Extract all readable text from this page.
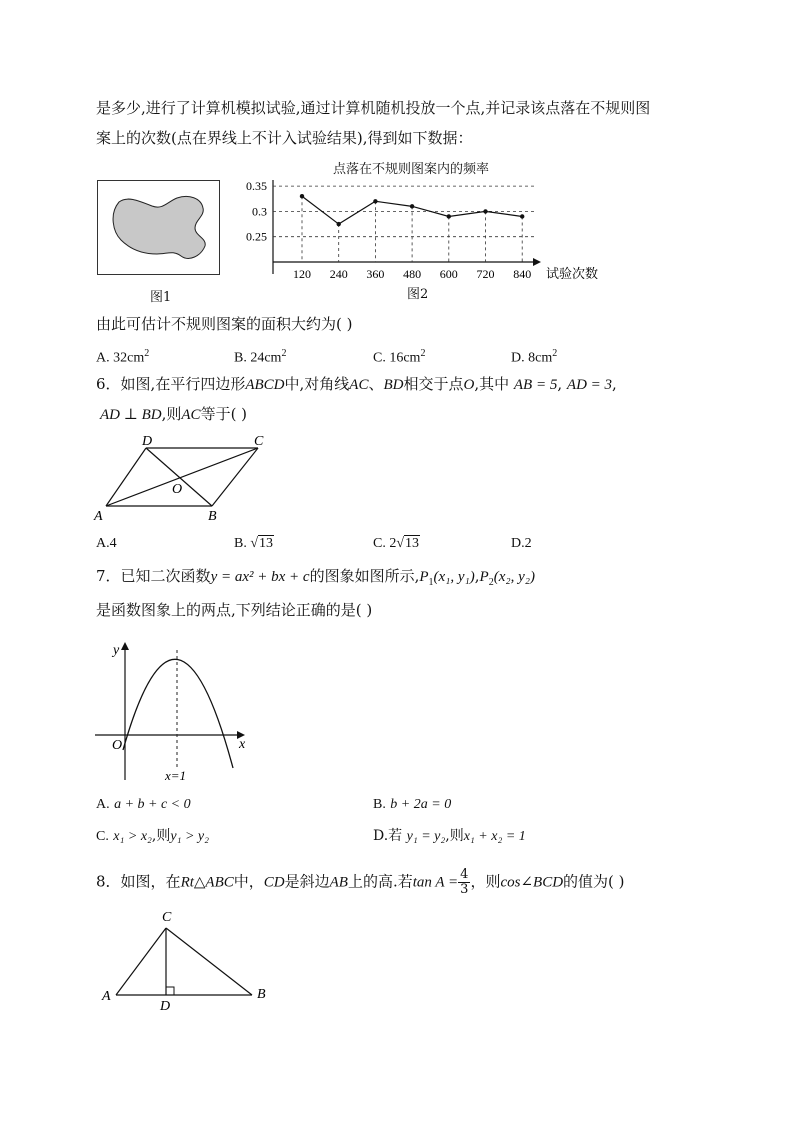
是多少,进行了计算机模拟试验,通过计算机随机投放一个点,并记录该点落在不规则图
案上的次数(点在界线上不计入试验结果),得到如下数据：
图1
点落在不规则图案内的频率
0.25
0.3
0.35
120 240 360 480 600 720 840 试验次数
图2
由此可估计不规则图案的面积大约为( )
A. $32cm^2$	B. $24cm^2$	C. $16cm^2$	D. $8cm^2$
6．如图,在平行四边形ABCD中,对角线AC、BD相交于点O,其中 AB = 5, AD = 3,
AD ⊥ BD,则AC等于( )
A	B
C
D
O
A.4	B. √13	C. 2√13	D.2
7．已知二次函数y = ax² + bx + c的图象如图所示$,P_1(x_1$, $y_1),P_2(x_2$, y₂)
是函数图象上的两点,下列结论正确的是( )
y
x
O
x=1
A. a + b + c < 0	B. b + 2a = 0
C. x₁ > x₂,则y₁ > y₂	D.若 y₁ = y₂,则x₁ + x₂ = 1
8．如图，在Rt△ABC中，CD是斜边AB上的高.若$\tan A = \frac{4}{3}$ ，则cos∠BCD的值为( )
A	B
C
D
